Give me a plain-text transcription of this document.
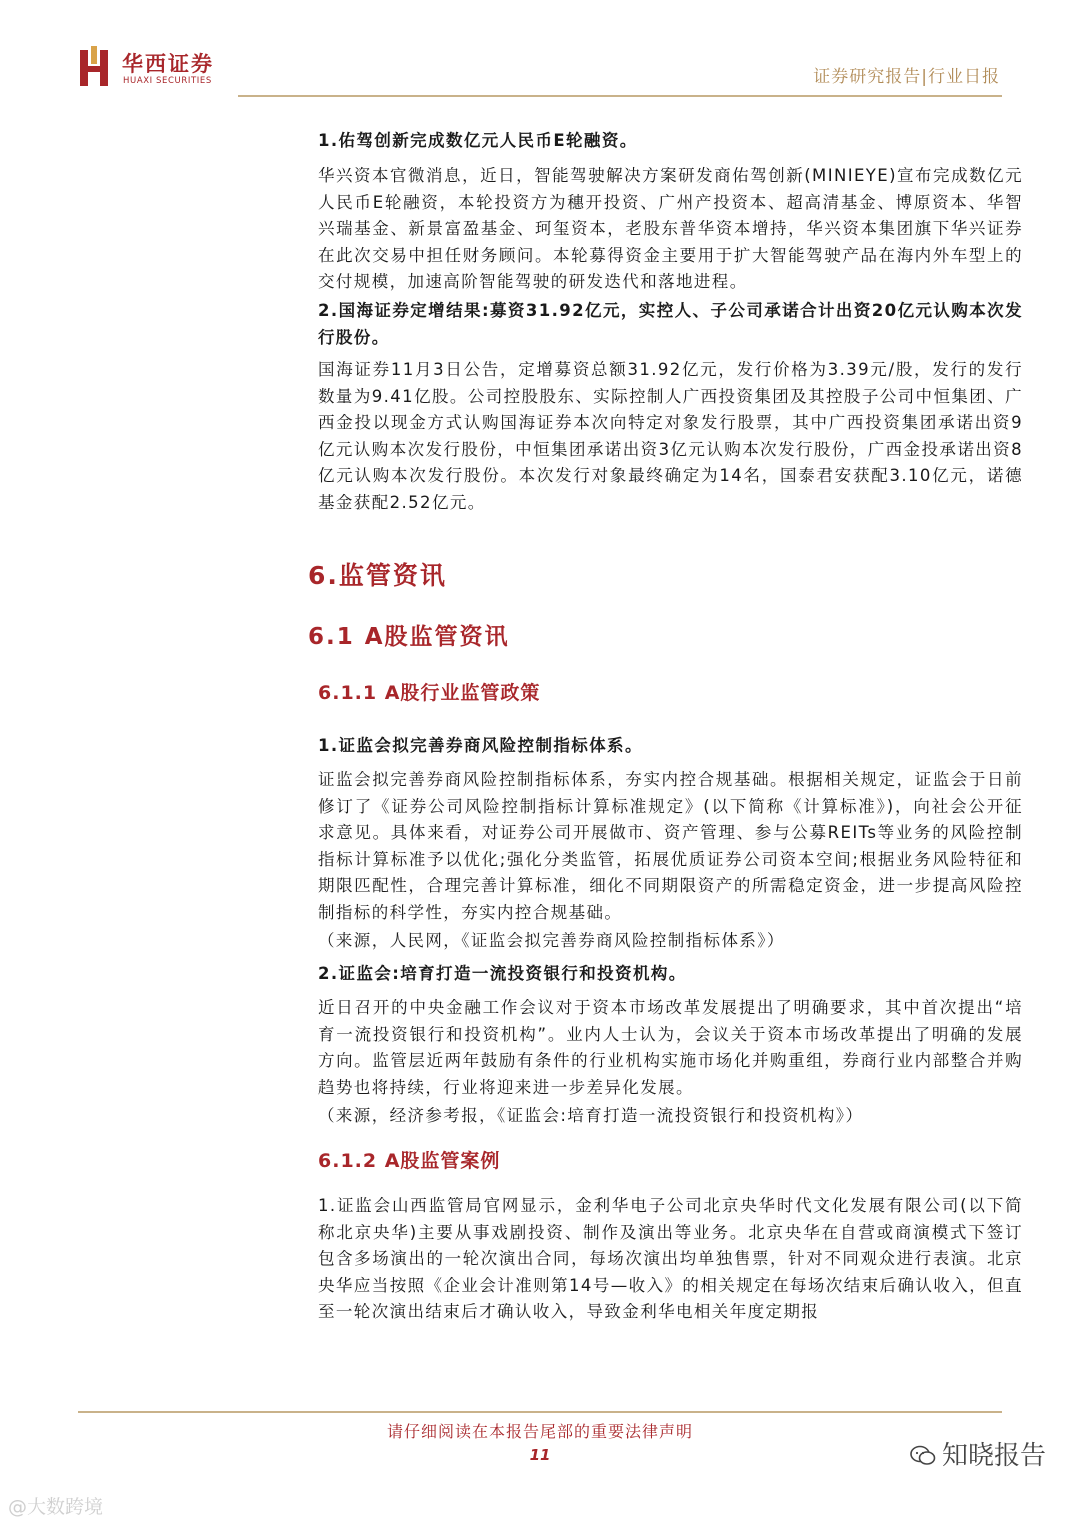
华西证券
HUAXI SECURITIES	证券研究报告|行业日报

1.佑驾创新完成数亿元人民币E轮融资。

华兴资本官微消息，近日，智能驾驶解决方案研发商佑驾创新(MINIEYE)宣布完成数亿元人民币E轮融资，本轮投资方为穗开投资、广州产投资本、超高清基金、博原资本、华智兴瑞基金、新景富盈基金、珂玺资本，老股东普华资本增持，华兴资本集团旗下华兴证券在此次交易中担任财务顾问。本轮募得资金主要用于扩大智能驾驶产品在海内外车型上的交付规模，加速高阶智能驾驶的研发迭代和落地进程。

2.国海证券定增结果:募资31.92亿元，实控人、子公司承诺合计出资20亿元认购本次发行股份。

国海证券11月3日公告，定增募资总额31.92亿元，发行价格为3.39元/股，发行的发行数量为9.41亿股。公司控股股东、实际控制人广西投资集团及其控股子公司中恒集团、广西金投以现金方式认购国海证券本次向特定对象发行股票，其中广西投资集团承诺出资9亿元认购本次发行股份，中恒集团承诺出资3亿元认购本次发行股份，广西金投承诺出资8亿元认购本次发行股份。本次发行对象最终确定为14名，国泰君安获配3.10亿元，诺德基金获配2.52亿元。

6.监管资讯
6.1 A股监管资讯
6.1.1 A股行业监管政策

1.证监会拟完善券商风险控制指标体系。

证监会拟完善券商风险控制指标体系，夯实内控合规基础。根据相关规定，证监会于日前修订了《证券公司风险控制指标计算标准规定》(以下简称《计算标准》)，向社会公开征求意见。具体来看，对证券公司开展做市、资产管理、参与公募REITs等业务的风险控制指标计算标准予以优化;强化分类监管，拓展优质证券公司资本空间;根据业务风险特征和期限匹配性，合理完善计算标准，细化不同期限资产的所需稳定资金，进一步提高风险控制指标的科学性，夯实内控合规基础。

（来源，人民网，《证监会拟完善券商风险控制指标体系》）

2.证监会:培育打造一流投资银行和投资机构。

近日召开的中央金融工作会议对于资本市场改革发展提出了明确要求，其中首次提出“培育一流投资银行和投资机构”。业内人士认为，会议关于资本市场改革提出了明确的发展方向。监管层近两年鼓励有条件的行业机构实施市场化并购重组，券商行业内部整合并购趋势也将持续，行业将迎来进一步差异化发展。

（来源，经济参考报，《证监会:培育打造一流投资银行和投资机构》）

6.1.2 A股监管案例

1.证监会山西监管局官网显示，金利华电子公司北京央华时代文化发展有限公司(以下简称北京央华)主要从事戏剧投资、制作及演出等业务。北京央华在自营或商演模式下签订包含多场演出的一轮次演出合同，每场次演出均单独售票，针对不同观众进行表演。北京央华应当按照《企业会计准则第14号—收入》的相关规定在每场次结束后确认收入，但直至一轮次演出结束后才确认收入，导致金利华电相关年度定期报

请仔细阅读在本报告尾部的重要法律声明
11
@大数跨境
知晓报告
